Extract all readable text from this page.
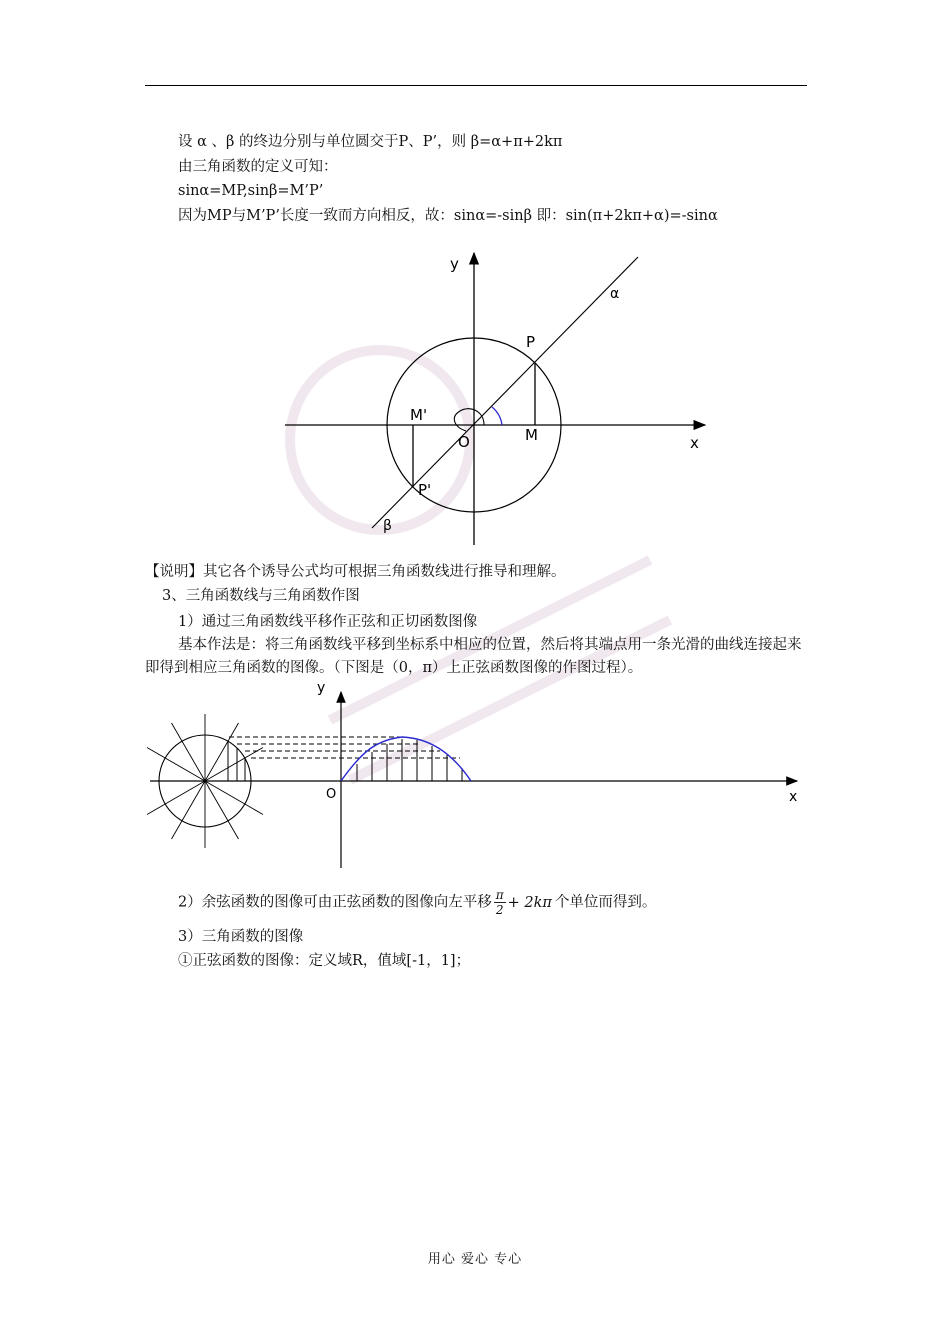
设 α 、β 的终边分别与单位圆交于P、P’，则 β=α+π+2kπ
由三角函数的定义可知：
sinα=MP,sinβ=M’P’
因为MP与M’P’长度一致而方向相反，故：sinα=-sinβ 即：sin(π+2kπ+α)=-sinα
y
x
α
β
P
M
M'
O
P'
【说明】其它各个诱导公式均可根据三角函数线进行推导和理解。
3、三角函数线与三角函数作图
1）通过三角函数线平移作正弦和正切函数图像
基本作法是：将三角函数线平移到坐标系中相应的位置，然后将其端点用一条光滑的曲线连接起来即得到相应三角函数的图像。（下图是（0，π）上正弦函数图像的作图过程）。
y
O	x
2）余弦函数的图像可由正弦函数的图像向左平移 $\frac{\pi}{2} + 2k\pi$ 个单位而得到。
3）三角函数的图像
①正弦函数的图像：定义域R，值域[-1，1]；
用心 爱心 专心
